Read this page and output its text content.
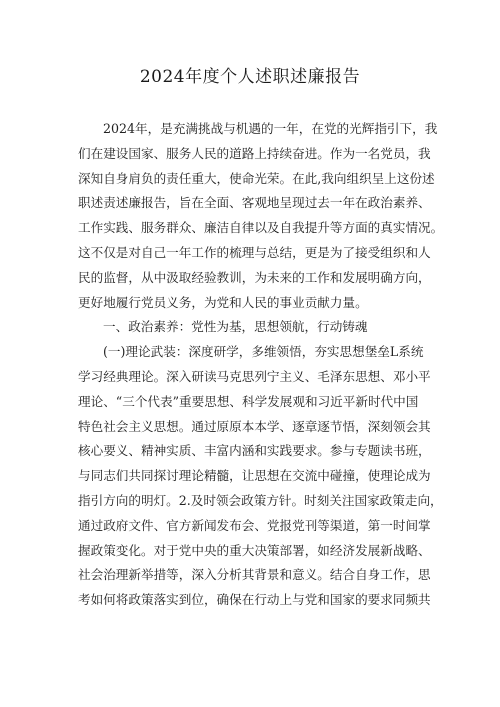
2024年度个人述职述廉报告
2024年，是充满挑战与机遇的一年，在党的光辉指引下，我
们在建设国家、服务人民的道路上持续奋进。作为一名党员，我
深知自身肩负的责任重大，使命光荣。在此,我向组织呈上这份述
职述责述廉报告，旨在全面、客观地呈现过去一年在政治素养、
工作实践、服务群众、廉洁自律以及自我提升等方面的真实情况。
这不仅是对自己一年工作的梳理与总结，更是为了接受组织和人
民的监督，从中汲取经验教训，为未来的工作和发展明确方向，
更好地履行党员义务，为党和人民的事业贡献力量。
一、政治素养：党性为基，思想领航，行动铸魂
(一)理论武装：深度研学，多维领悟，夯实思想堡垒L系统
学习经典理论。深入研读马克思列宁主义、毛泽东思想、邓小平
理论、“三个代表”重要思想、科学发展观和习近平新时代中国
特色社会主义思想。通过原原本本学、逐章逐节悟，深刻领会其
核心要义、精神实质、丰富内涵和实践要求。参与专题读书班，
与同志们共同探讨理论精髓，让思想在交流中碰撞，使理论成为
指引方向的明灯。2.及时领会政策方针。时刻关注国家政策走向，
通过政府文件、官方新闻发布会、党报党刊等渠道，第一时间掌
握政策变化。对于党中央的重大决策部署，如经济发展新战略、
社会治理新举措等，深入分析其背景和意义。结合自身工作，思
考如何将政策落实到位，确保在行动上与党和国家的要求同频共
